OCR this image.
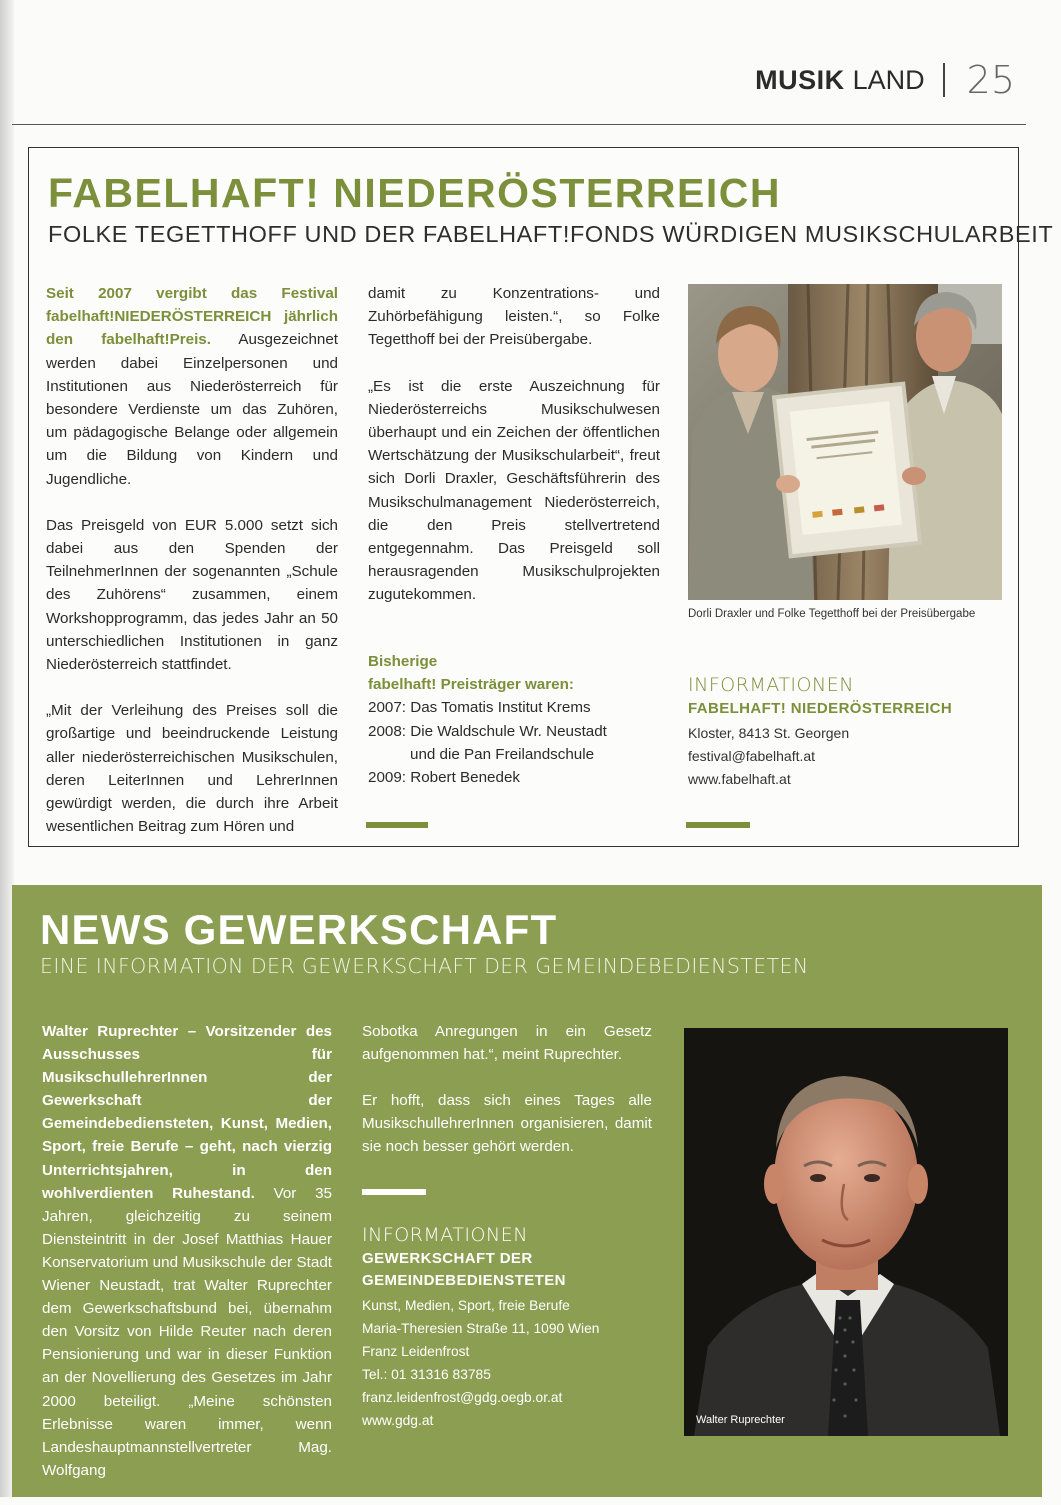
MUSIK LAND 25
FABELHAFT! NIEDERÖSTERREICH
FOLKE TEGETTHOFF UND DER FABELHAFT!FONDS WÜRDIGEN MUSIKSCHULARBEIT

Seit 2007 vergibt das Festival fabelhaft!NIEDERÖSTERREICH jährlich den fabelhaft!Preis. Ausgezeichnet werden dabei Einzelpersonen und Institutionen aus Niederösterreich für besondere Verdienste um das Zuhören, um pädagogische Belange oder allgemein um die Bildung von Kindern und Jugendliche.

Das Preisgeld von EUR 5.000 setzt sich dabei aus den Spenden der TeilnehmerInnen der sogenannten „Schule des Zuhörens“ zusammen, einem Workshopprogramm, das jedes Jahr an 50 unterschiedlichen Institutionen in ganz Niederösterreich stattfindet.

„Mit der Verleihung des Preises soll die großartige und beeindruckende Leistung aller niederösterreichischen Musikschulen, deren LeiterInnen und LehrerInnen gewürdigt werden, die durch ihre Arbeit wesentlichen Beitrag zum Hören und

damit zu Konzentrations- und Zuhörbefähigung leisten.“, so Folke Tegetthoff bei der Preisübergabe.

„Es ist die erste Auszeichnung für Niederösterreichs Musikschulwesen überhaupt und ein Zeichen der öffentlichen Wertschätzung der Musikschularbeit“, freut sich Dorli Draxler, Geschäftsführerin des Musikschulmanagement Niederösterreich, die den Preis stellvertretend entgegennahm. Das Preisgeld soll herausragenden Musikschulprojekten zugutekommen.

Bisherige
fabelhaft! Preisträger waren:
2007: Das Tomatis Institut Krems
2008: Die Waldschule Wr. Neustadt
und die Pan Freilandschule
2009: Robert Benedek
Dorli Draxler und Folke Tegetthoff bei der Preisübergabe
INFORMATIONEN
FABELHAFT! NIEDERÖSTERREICH
Kloster, 8413 St. Georgen
festival@fabelhaft.at
www.fabelhaft.at
NEWS GEWERKSCHAFT
EINE INFORMATION DER GEWERKSCHAFT DER GEMEINDEBEDIENSTETEN

Walter Ruprechter – Vorsitzender des Ausschusses für MusikschullehrerInnen der Gewerkschaft der Gemeindebediensteten, Kunst, Medien, Sport, freie Berufe – geht, nach vierzig Unterrichtsjahren, in den wohlverdienten Ruhestand. Vor 35 Jahren, gleichzeitig zu seinem Diensteintritt in der Josef Matthias Hauer Konservatorium und Musikschule der Stadt Wiener Neustadt, trat Walter Ruprechter dem Gewerkschaftsbund bei, übernahm den Vorsitz von Hilde Reuter nach deren Pensionierung und war in dieser Funktion an der Novellierung des Gesetzes im Jahr 2000 beteiligt. „Meine schönsten Erlebnisse waren immer, wenn Landeshauptmannstellvertreter Mag. Wolfgang

Sobotka Anregungen in ein Gesetz aufgenommen hat.“, meint Ruprechter.

Er hofft, dass sich eines Tages alle MusikschullehrerInnen organisieren, damit sie noch besser gehört werden.

INFORMATIONEN
GEWERKSCHAFT DER
GEMEINDEBEDIENSTETEN
Kunst, Medien, Sport, freie Berufe
Maria-Theresien Straße 11, 1090 Wien
Franz Leidenfrost
Tel.: 01 31316 83785
franz.leidenfrost@gdg.oegb.or.at
www.gdg.at	Walter Ruprechter
